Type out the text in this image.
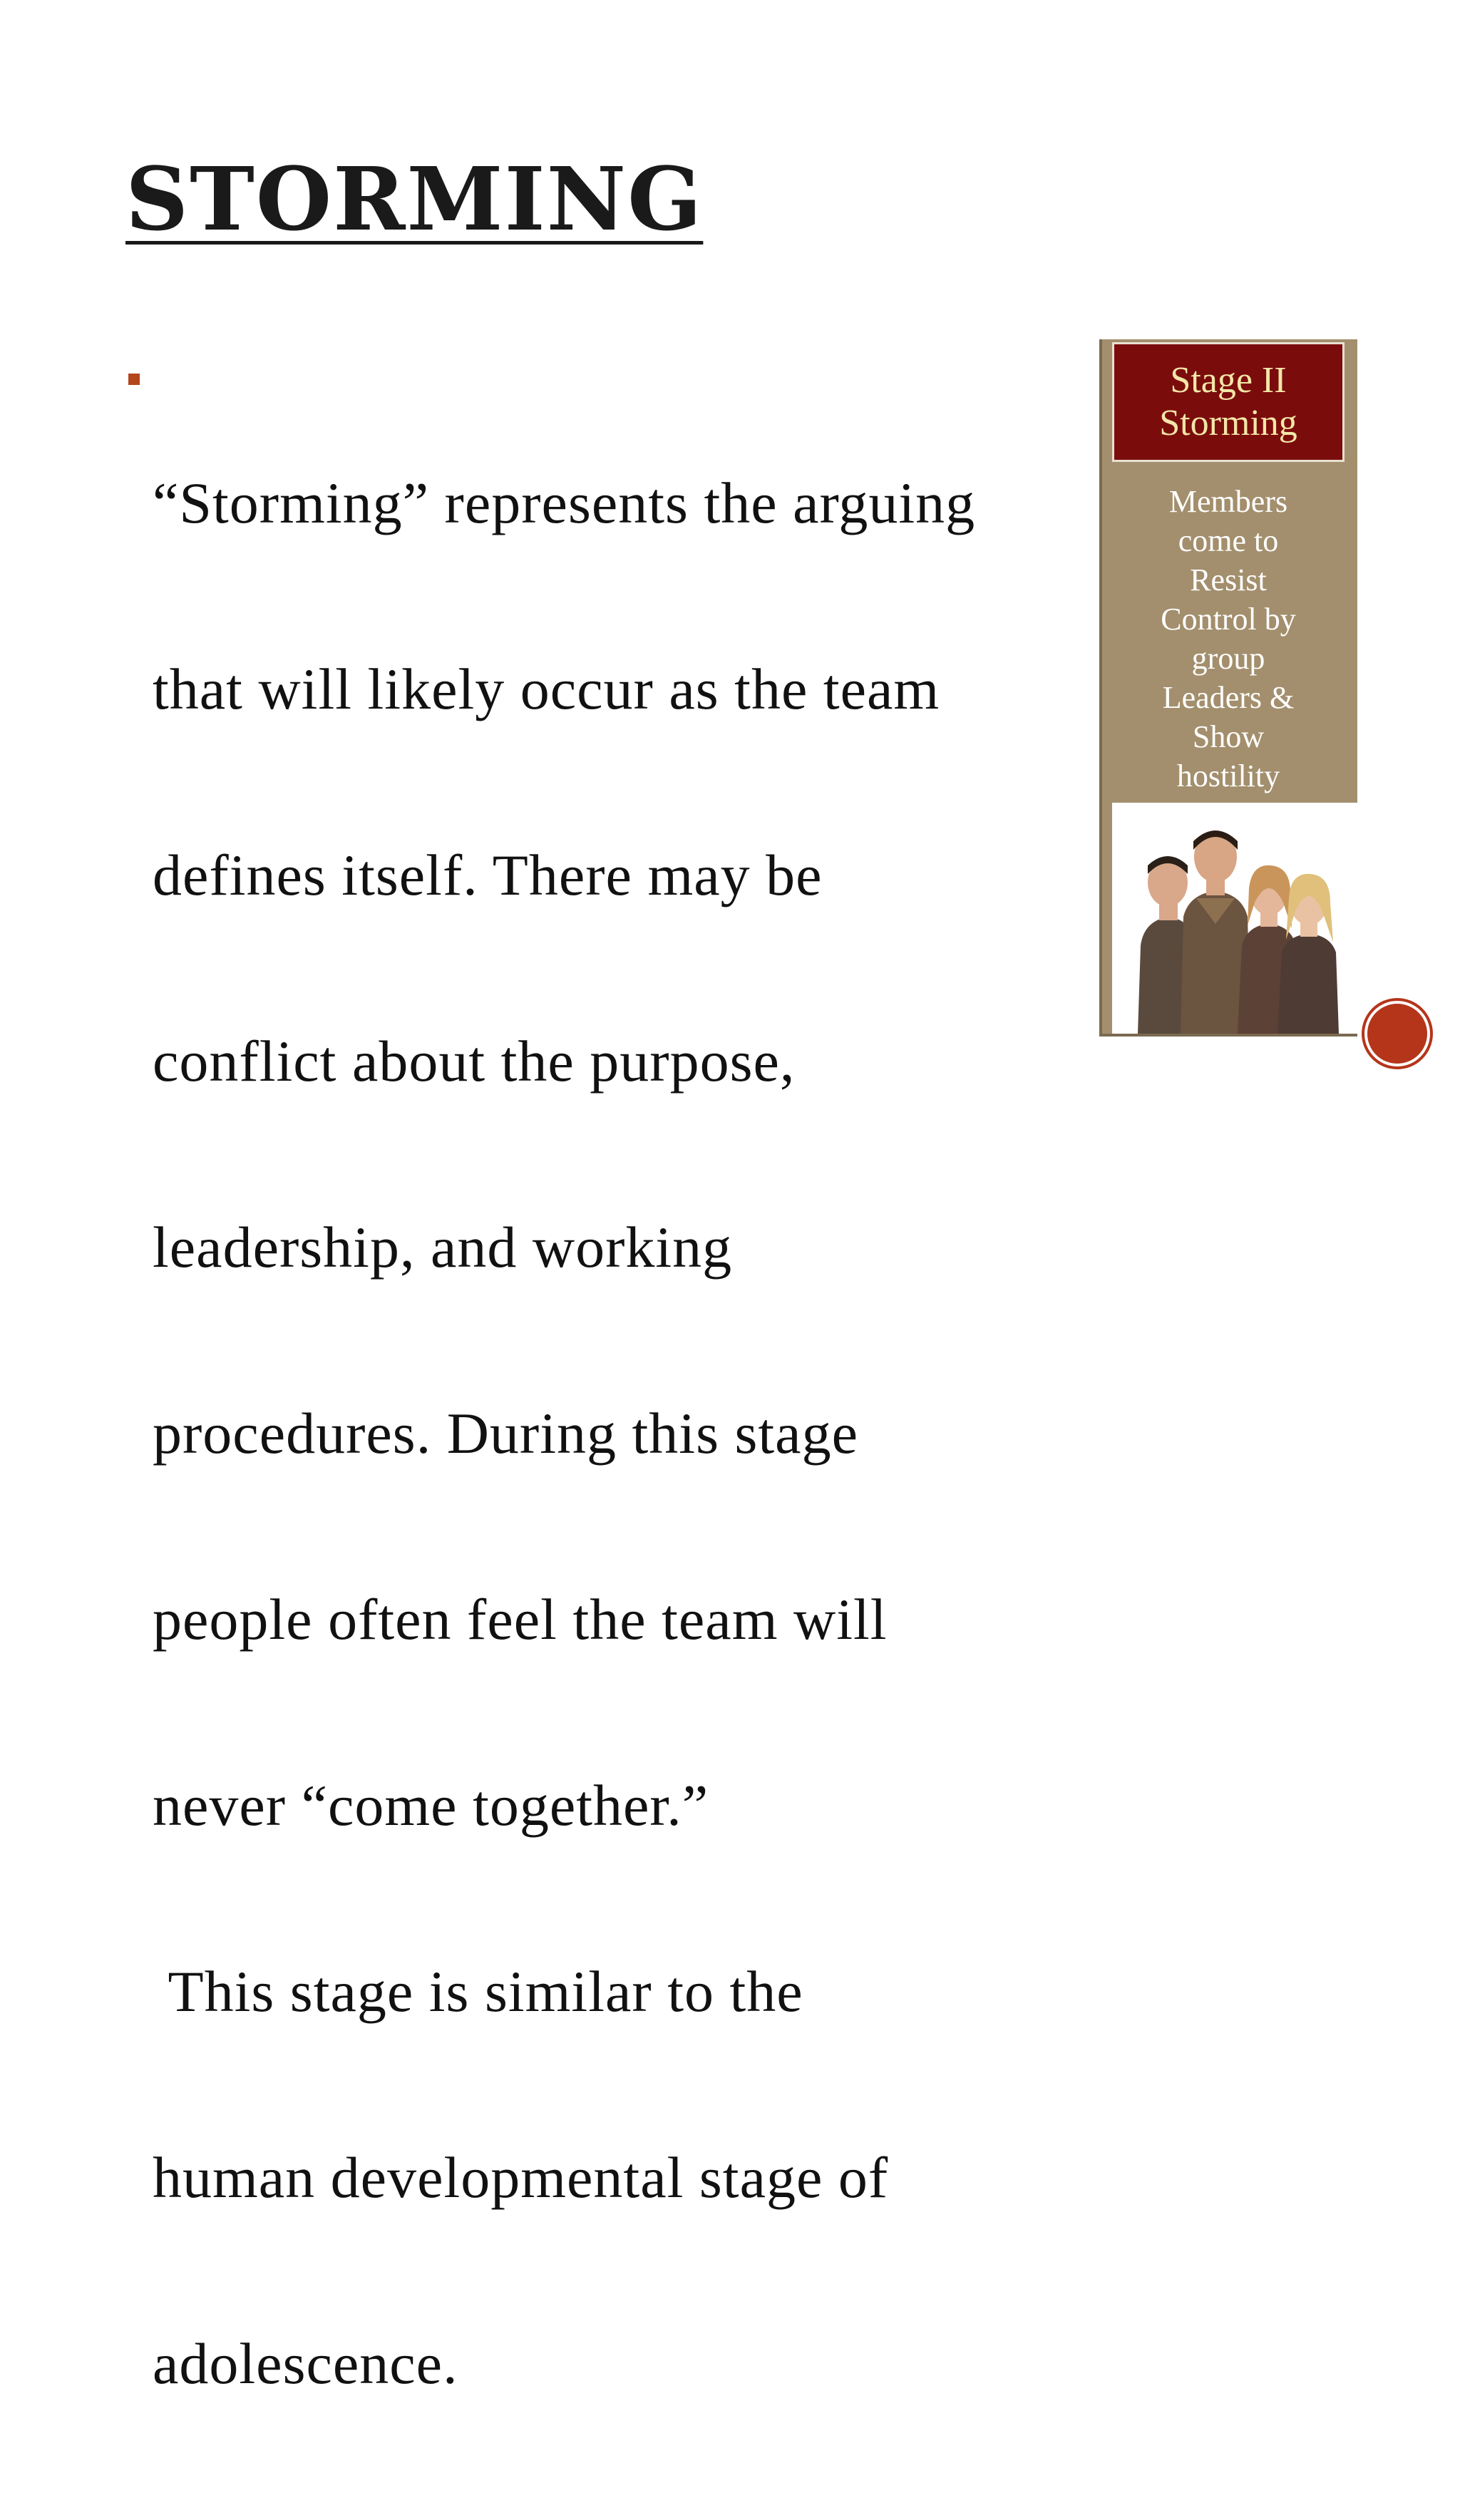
STORMING

“Storming” represents the arguing

that will likely occur as the team

defines itself. There may be

conflict about the purpose,

leadership, and working

procedures. During this stage

people often feel the team will

never “come together.”

This stage is similar to the

human developmental stage of

adolescence.

Stage II
Storming
Members
come to
Resist
Control by
group
Leaders &
Show
hostility
